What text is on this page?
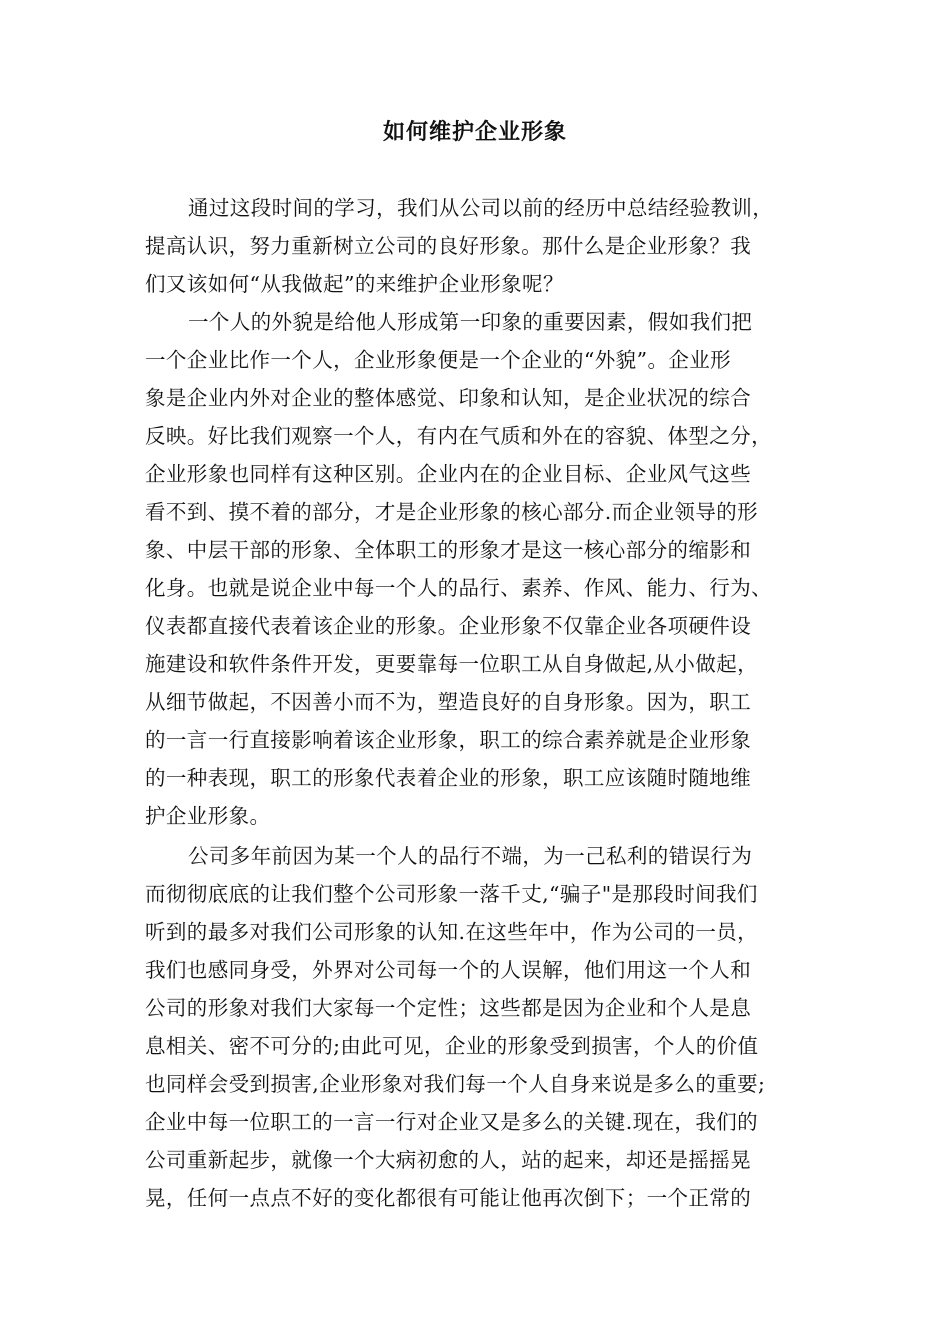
如何维护企业形象
通过这段时间的学习，我们从公司以前的经历中总结经验教训，
提高认识，努力重新树立公司的良好形象。那什么是企业形象？我
们又该如何“从我做起”的来维护企业形象呢？
一个人的外貌是给他人形成第一印象的重要因素，假如我们把
一个企业比作一个人，企业形象便是一个企业的“外貌”。企业形
象是企业内外对企业的整体感觉、印象和认知，是企业状况的综合
反映。好比我们观察一个人，有内在气质和外在的容貌、体型之分，
企业形象也同样有这种区别。企业内在的企业目标、企业风气这些
看不到、摸不着的部分，才是企业形象的核心部分.而企业领导的形
象、中层干部的形象、全体职工的形象才是这一核心部分的缩影和
化身。也就是说企业中每一个人的品行、素养、作风、能力、行为、
仪表都直接代表着该企业的形象。企业形象不仅靠企业各项硬件设
施建设和软件条件开发，更要靠每一位职工从自身做起,从小做起，
从细节做起，不因善小而不为，塑造良好的自身形象。因为，职工
的一言一行直接影响着该企业形象，职工的综合素养就是企业形象
的一种表现，职工的形象代表着企业的形象，职工应该随时随地维
护企业形象。
公司多年前因为某一个人的品行不端，为一己私利的错误行为
而彻彻底底的让我们整个公司形象一落千丈,“骗子"是那段时间我们
听到的最多对我们公司形象的认知.在这些年中，作为公司的一员，
我们也感同身受，外界对公司每一个的人误解，他们用这一个人和
公司的形象对我们大家每一个定性；这些都是因为企业和个人是息
息相关、密不可分的;由此可见，企业的形象受到损害，个人的价值
也同样会受到损害,企业形象对我们每一个人自身来说是多么的重要;
企业中每一位职工的一言一行对企业又是多么的关键.现在，我们的
公司重新起步，就像一个大病初愈的人，站的起来，却还是摇摇晃
晃，任何一点点不好的变化都很有可能让他再次倒下；一个正常的
